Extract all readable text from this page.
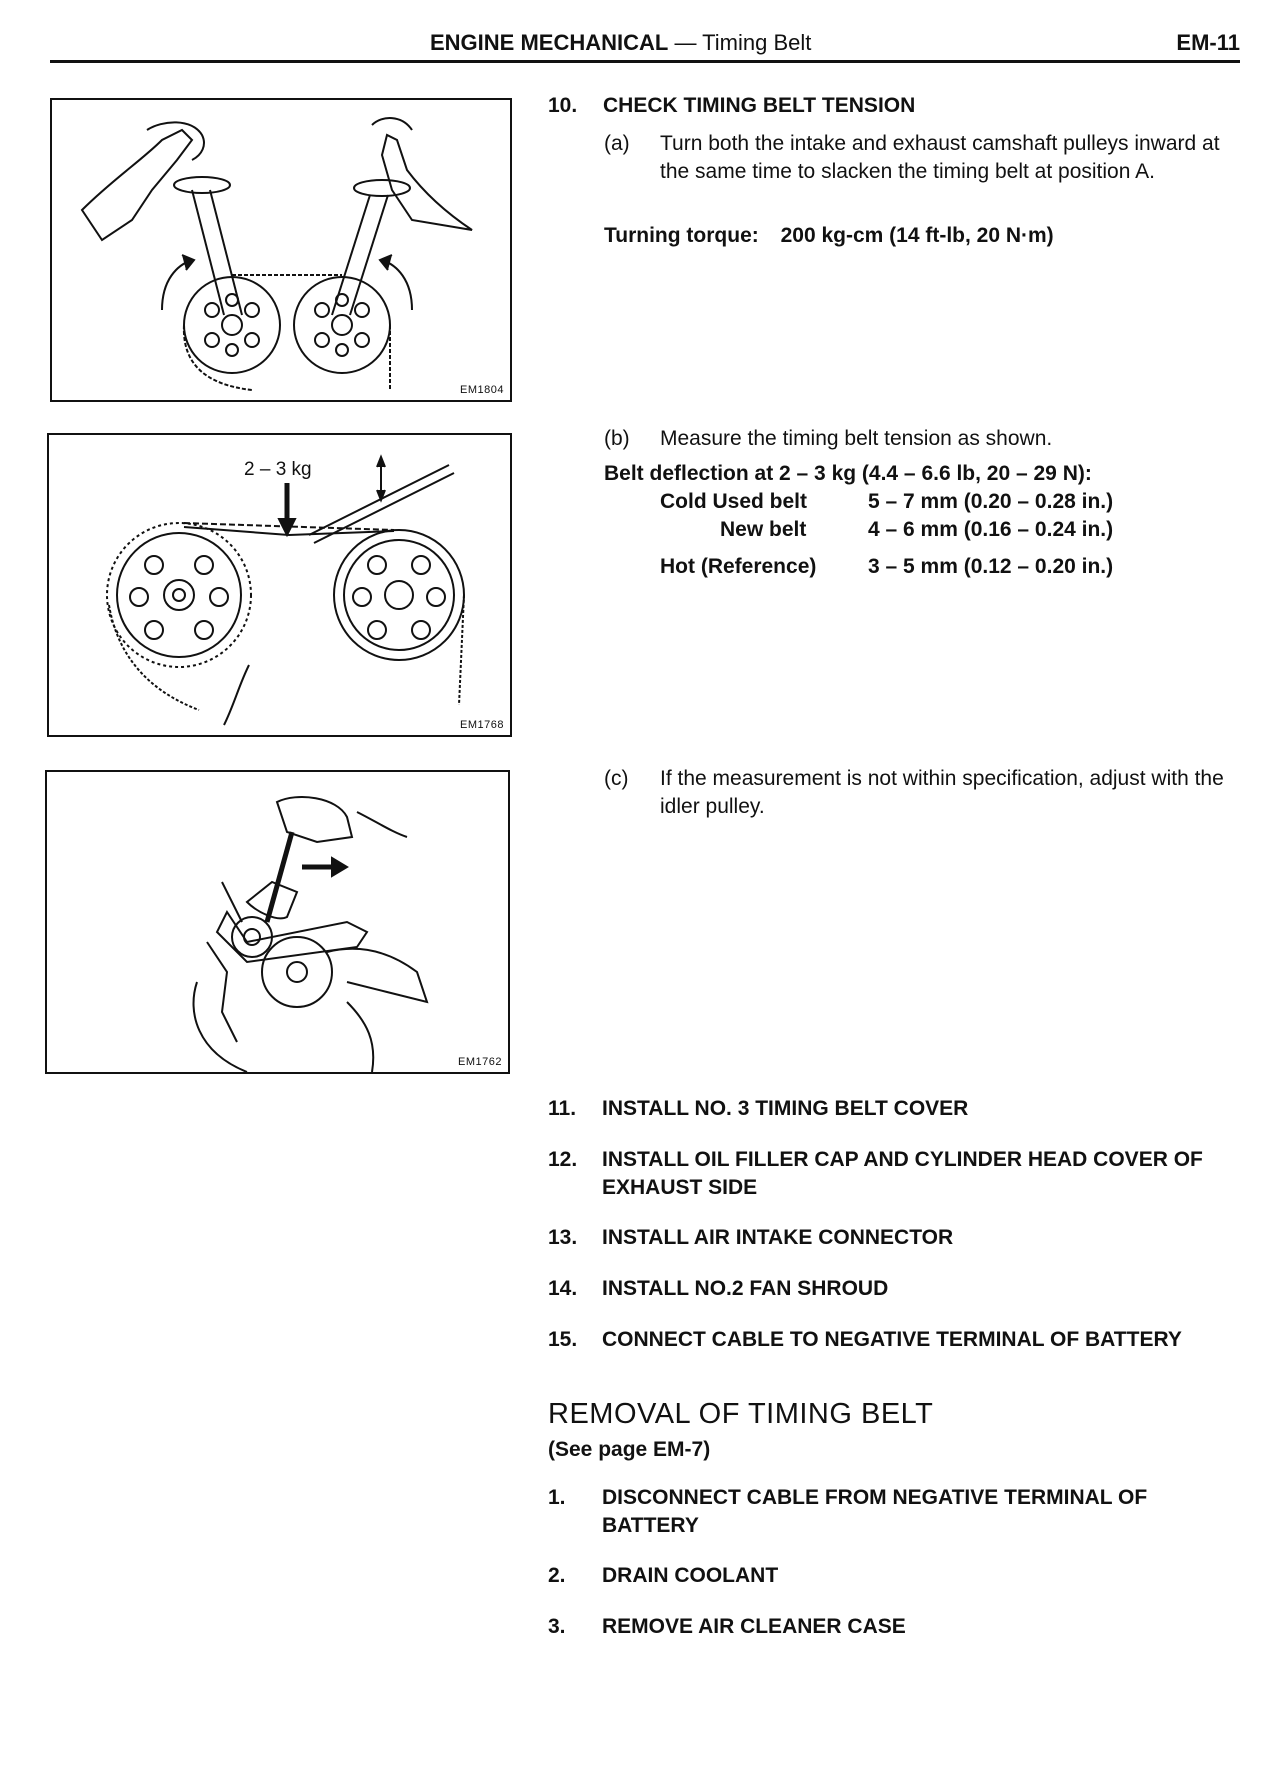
ENGINE MECHANICAL — Timing Belt	EM-11
EM1804
2 – 3 kg
EM1768
EM1762
10. CHECK TIMING BELT TENSION
(a) Turn both the intake and exhaust camshaft pulleys inward at the same time to slacken the timing belt at position A.
Turning torque: 200 kg-cm (14 ft-lb, 20 N·m)
(b) Measure the timing belt tension as shown.
Belt deflection at 2 – 3 kg (4.4 – 6.6 lb, 20 – 29 N):
Cold Used belt	5 – 7 mm (0.20 – 0.28 in.)
New belt	4 – 6 mm (0.16 – 0.24 in.)
Hot (Reference) 3 – 5 mm (0.12 – 0.20 in.)
(c) If the measurement is not within specification, adjust with the idler pulley.
11. INSTALL NO. 3 TIMING BELT COVER
12. INSTALL OIL FILLER CAP AND CYLINDER HEAD COVER OF EXHAUST SIDE
13. INSTALL AIR INTAKE CONNECTOR
14. INSTALL NO.2 FAN SHROUD
15. CONNECT CABLE TO NEGATIVE TERMINAL OF BATTERY
REMOVAL OF TIMING BELT
(See page EM-7)
1. DISCONNECT CABLE FROM NEGATIVE TERMINAL OF BATTERY
2. DRAIN COOLANT
3. REMOVE AIR CLEANER CASE
